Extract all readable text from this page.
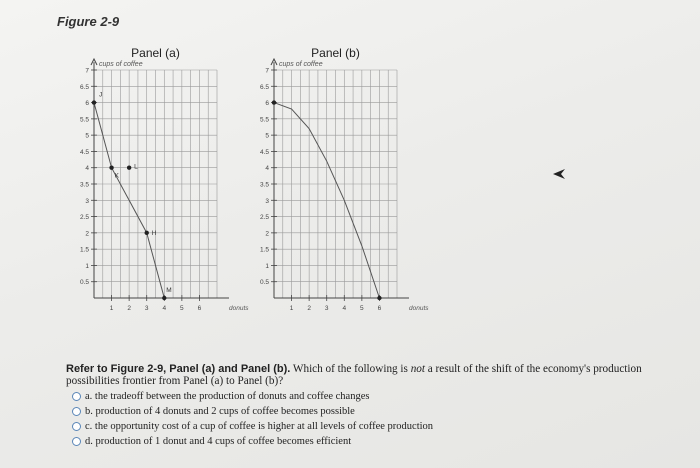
Figure 2-9
Panel (a)
0.5
1
1.5
2
2.5
3
3.5
4
4.5
5
5.5
6
6.5
7
1 2 3 4 5 6
cups of coffee
donuts
J
K
L
H
M
Panel (b)
0.5
1
1.5
2
2.5
3
3.5
4
4.5
5
5.5
6
6.5
7
1 2 3 4 5 6
cups of coffee
donuts
Refer to Figure 2-9, Panel (a) and Panel (b). Which of the following is not a result of the shift of the economy's production possibilities frontier from Panel (a) to Panel (b)?
a. the tradeoff between the production of donuts and coffee changes
b. production of 4 donuts and 2 cups of coffee becomes possible
c. the opportunity cost of a cup of coffee is higher at all levels of coffee production
d. production of 1 donut and 4 cups of coffee becomes efficient
